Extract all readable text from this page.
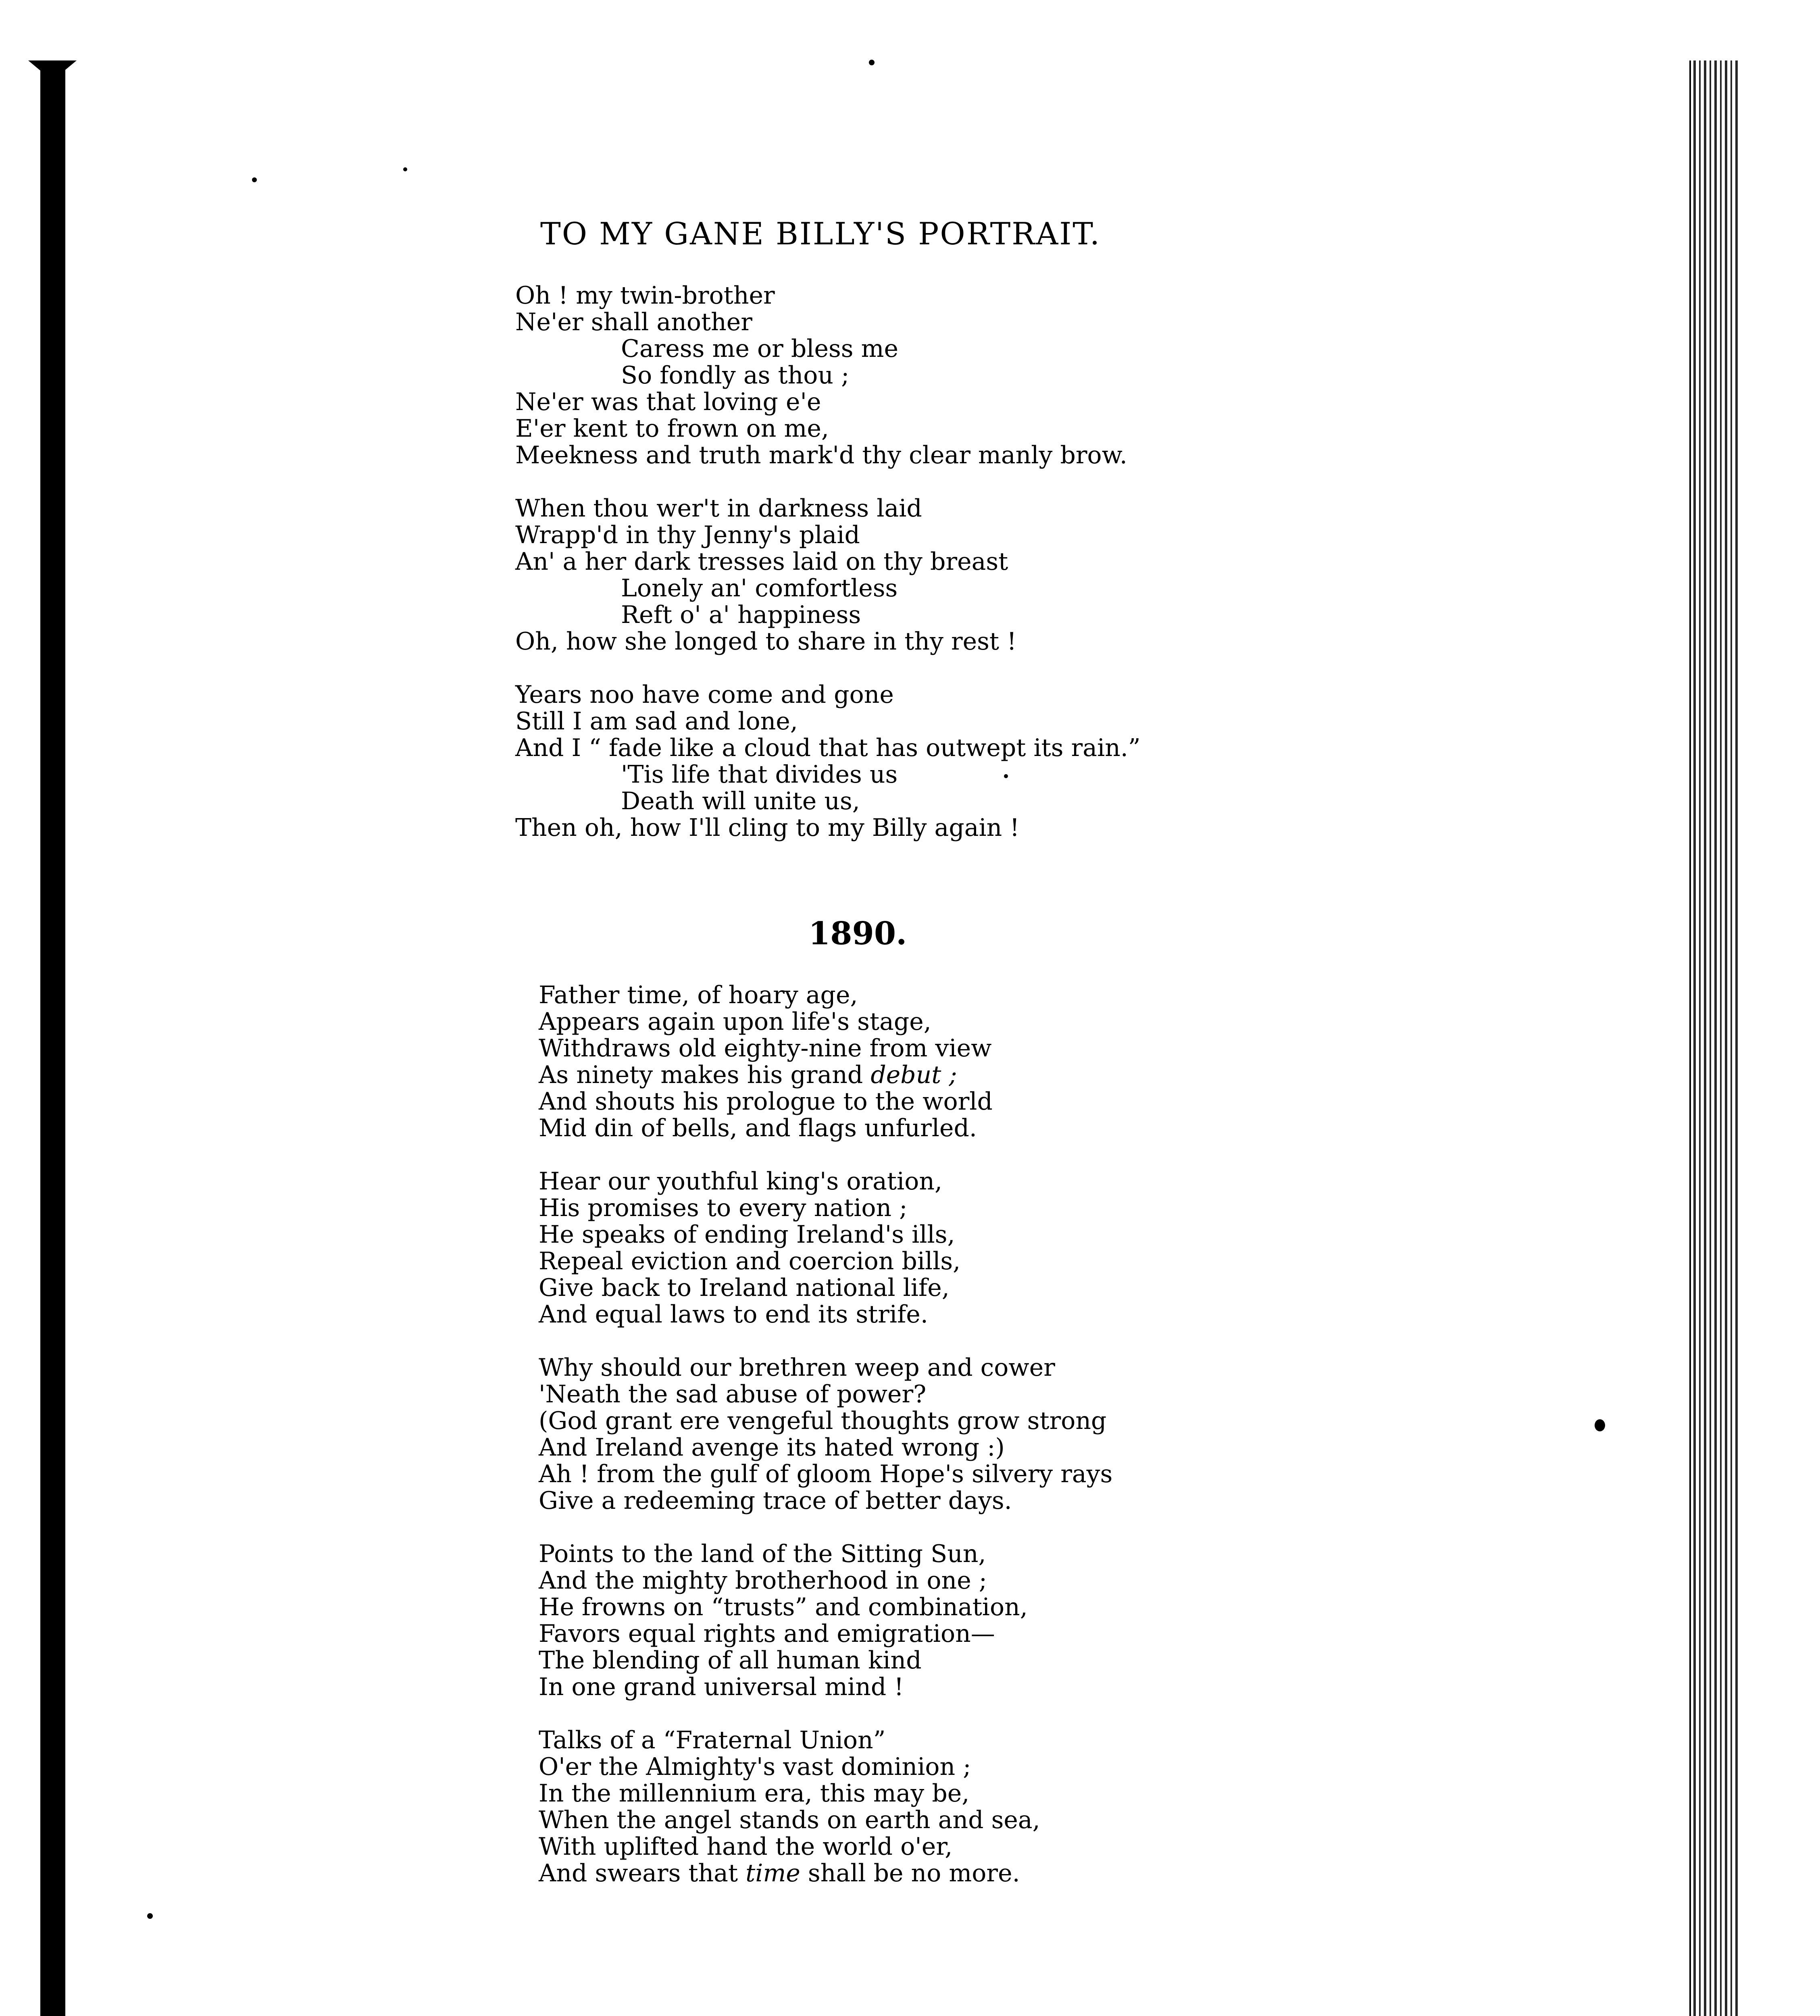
TO MY GANE BILLY'S PORTRAIT.
Oh ! my twin-brother
Ne'er shall another
Caress me or bless me
So fondly as thou ;
Ne'er was that loving e'e
E'er kent to frown on me,
Meekness and truth mark'd thy clear manly brow.
When thou wer't in darkness laid
Wrapp'd in thy Jenny's plaid
An' a her dark tresses laid on thy breast
Lonely an' comfortless
Reft o' a' happiness
Oh, how she longed to share in thy rest !
Years noo have come and gone
Still I am sad and lone,
And I “ fade like a cloud that has outwept its rain.”
'Tis life that divides us
Death will unite us,
Then oh, how I'll cling to my Billy again !
1890.
Father time, of hoary age,
Appears again upon life's stage,
Withdraws old eighty-nine from view
As ninety makes his grand debut ;
And shouts his prologue to the world
Mid din of bells, and flags unfurled.
Hear our youthful king's oration,
His promises to every nation ;
He speaks of ending Ireland's ills,
Repeal eviction and coercion bills,
Give back to Ireland national life,
And equal laws to end its strife.
Why should our brethren weep and cower
'Neath the sad abuse of power?
(God grant ere vengeful thoughts grow strong
And Ireland avenge its hated wrong :)
Ah ! from the gulf of gloom Hope's silvery rays
Give a redeeming trace of better days.
Points to the land of the Sitting Sun,
And the mighty brotherhood in one ;
He frowns on “trusts” and combination,
Favors equal rights and emigration—
The blending of all human kind
In one grand universal mind !
Talks of a “Fraternal Union”
O'er the Almighty's vast dominion ;
In the millennium era, this may be,
When the angel stands on earth and sea,
With uplifted hand the world o'er,
And swears that time shall be no more.
